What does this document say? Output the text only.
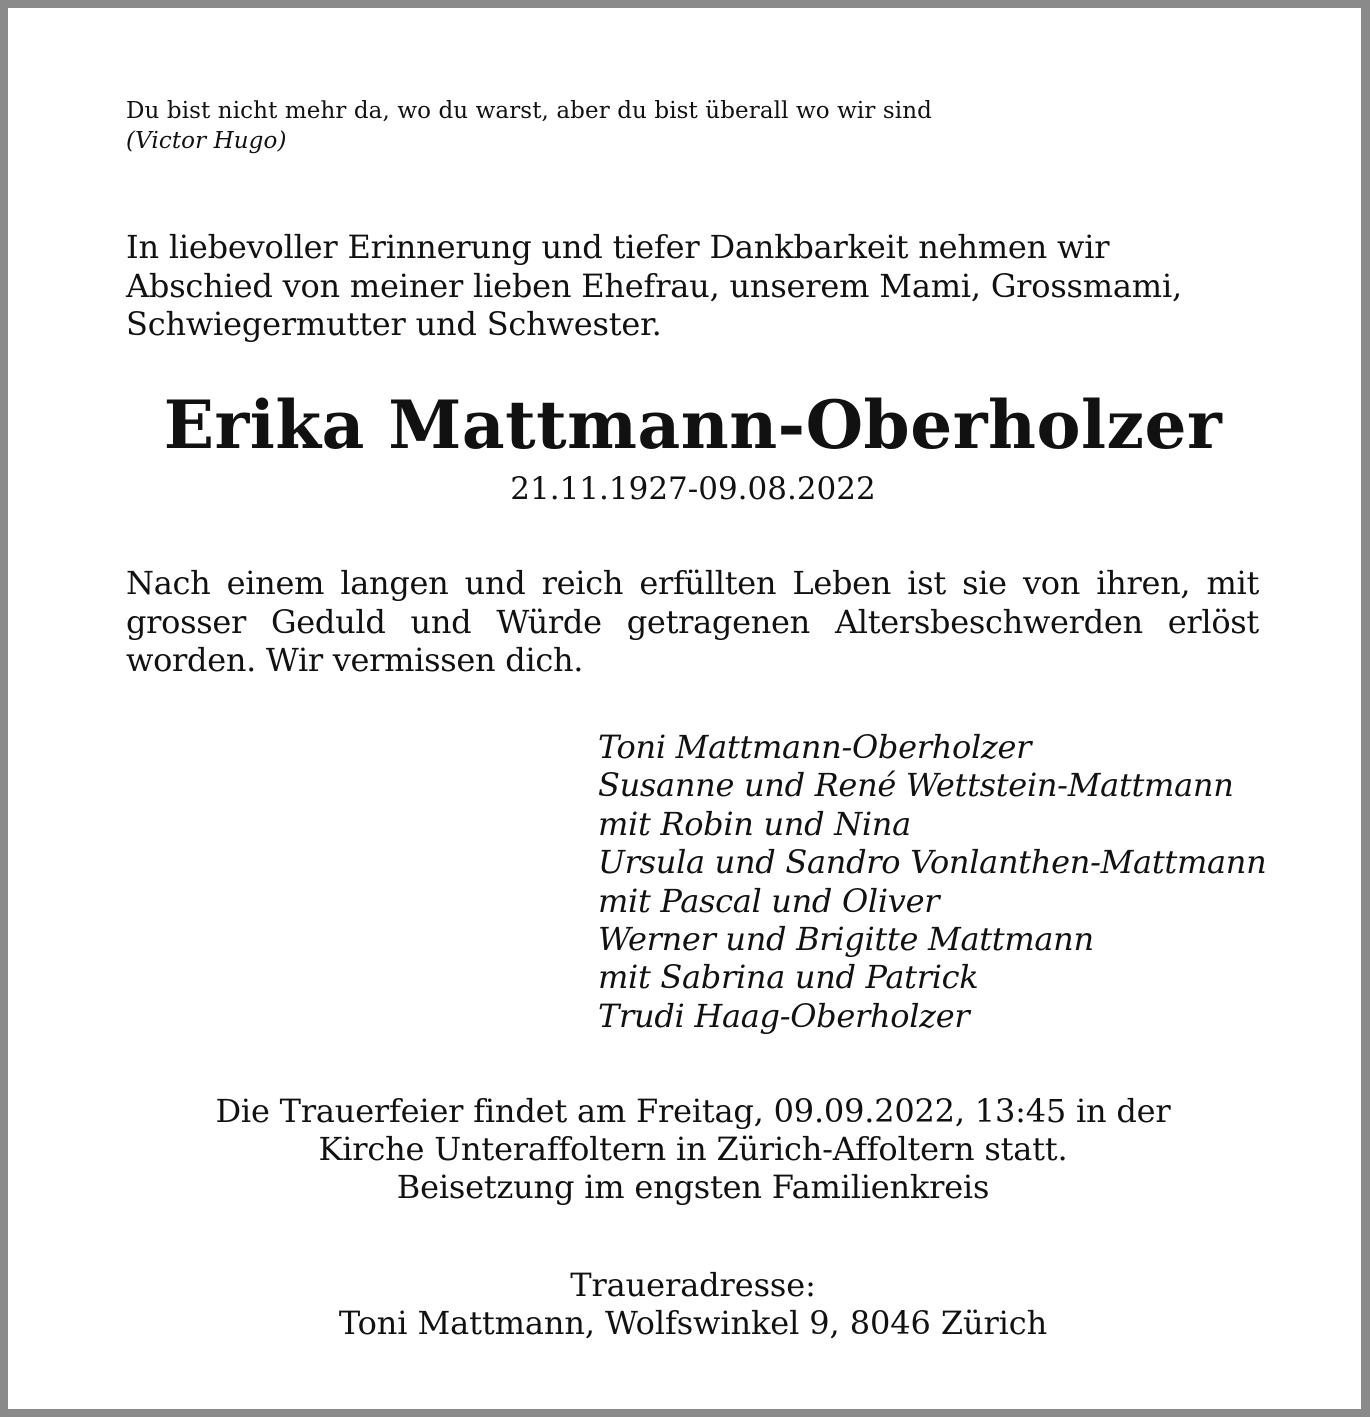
Du bist nicht mehr da, wo du warst, aber du bist überall wo wir sind
(Victor Hugo)
In liebevoller Erinnerung und tiefer Dankbarkeit nehmen wir
Abschied von meiner lieben Ehefrau, unserem Mami, Grossmami,
Schwiegermutter und Schwester.
Erika Mattmann-Oberholzer
21.11.1927-09.08.2022
Nach einem langen und reich erfüllten Leben ist sie von ihren, mit grosser Geduld und Würde getragenen Altersbeschwerden erlöst worden. Wir vermissen dich.
Toni Mattmann-Oberholzer
Susanne und René Wettstein-Mattmann
mit Robin und Nina
Ursula und Sandro Vonlanthen-Mattmann
mit Pascal und Oliver
Werner und Brigitte Mattmann
mit Sabrina und Patrick
Trudi Haag-Oberholzer
Die Trauerfeier findet am Freitag, 09.09.2022, 13:45 in der
Kirche Unteraffoltern in Zürich-Affoltern statt.
Beisetzung im engsten Familienkreis
Traueradresse:
Toni Mattmann, Wolfswinkel 9, 8046 Zürich
